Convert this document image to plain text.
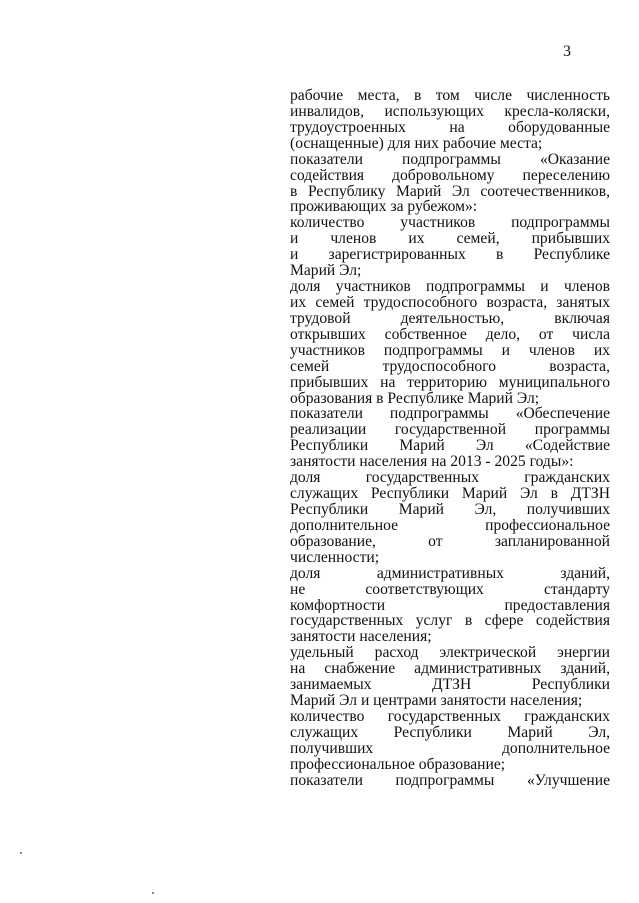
3
рабочие места, в том числе численность
инвалидов, использующих кресла-коляски,
трудоустроенных на оборудованные
(оснащенные) для них рабочие места;
показатели подпрограммы «Оказание
содействия добровольному переселению
в Республику Марий Эл соотечественников,
проживающих за рубежом»:
количество участников подпрограммы
и членов их семей, прибывших
и зарегистрированных в Республике
Марий Эл;
доля участников подпрограммы и членов
их семей трудоспособного возраста, занятых
трудовой деятельностью, включая
открывших собственное дело, от числа
участников подпрограммы и членов их
семей трудоспособного возраста,
прибывших на территорию муниципального
образования в Республике Марий Эл;
показатели подпрограммы «Обеспечение
реализации государственной программы
Республики Марий Эл «Содействие
занятости населения на 2013 - 2025 годы»:
доля государственных гражданских
служащих Республики Марий Эл в ДТЗН
Республики Марий Эл, получивших
дополнительное профессиональное
образование, от запланированной
численности;
доля административных зданий,
не соответствующих стандарту
комфортности предоставления
государственных услуг в сфере содействия
занятости населения;
удельный расход электрической энергии
на снабжение административных зданий,
занимаемых ДТЗН Республики
Марий Эл и центрами занятости населения;
количество государственных гражданских
служащих Республики Марий Эл,
получивших дополнительное
профессиональное образование;
показатели подпрограммы «Улучшение
